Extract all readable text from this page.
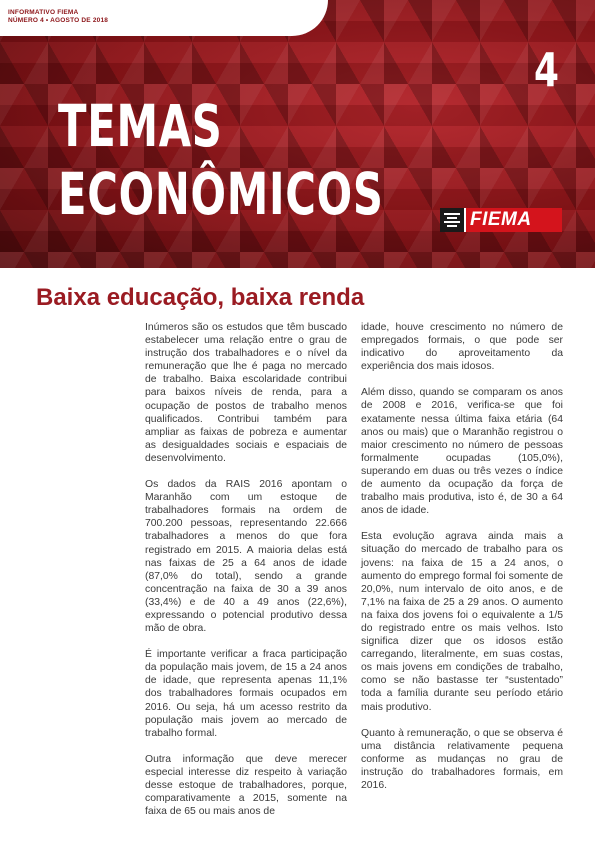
4
TEMAS
ECONÔMICOS	FIEMA
INFORMATIVO FIEMA
NÚMERO 4 • AGOSTO DE 2018
Baixa educação, baixa renda

Inúmeros são os estudos que têm buscado estabelecer uma relação entre o grau de instrução dos trabalhadores e o nível da remuneração que lhe é paga no mercado de trabalho. Baixa escolaridade contribui para baixos níveis de renda, para a ocupação de postos de trabalho menos qualificados. Contribui também para ampliar as faixas de pobreza e aumentar as desigualdades sociais e espaciais de desenvolvimento.

Os dados da RAIS 2016 apontam o Maranhão com um estoque de trabalhadores formais na ordem de 700.200 pessoas, representando 22.666 trabalhadores a menos do que fora registrado em 2015. A maioria delas está nas faixas de 25 a 64 anos de idade (87,0% do total), sendo a grande concentração na faixa de 30 a 39 anos (33,4%) e de 40 a 49 anos (22,6%), expressando o potencial produtivo dessa mão de obra.

É importante verificar a fraca participação da população mais jovem, de 15 a 24 anos de idade, que representa apenas 11,1% dos trabalhadores formais ocupados em 2016. Ou seja, há um acesso restrito da população mais jovem ao mercado de trabalho formal.

Outra informação que deve merecer especial interesse diz respeito à variação desse estoque de trabalhadores, porque, comparativamente a 2015, somente na faixa de 65 ou mais anos de

idade, houve crescimento no número de empregados formais, o que pode ser indicativo do aproveitamento da experiência dos mais idosos.

Além disso, quando se comparam os anos de 2008 e 2016, verifica-se que foi exatamente nessa última faixa etária (64 anos ou mais) que o Maranhão registrou o maior crescimento no número de pessoas formalmente ocupadas (105,0%), superando em duas ou três vezes o índice de aumento da ocupação da força de trabalho mais produtiva, isto é, de 30 a 64 anos de idade.

Esta evolução agrava ainda mais a situação do mercado de trabalho para os jovens: na faixa de 15 a 24 anos, o aumento do emprego formal foi somente de 20,0%, num intervalo de oito anos, e de 7,1% na faixa de 25 a 29 anos. O aumento na faixa dos jovens foi o equivalente a 1/5 do registrado entre os mais velhos. Isto significa dizer que os idosos estão carregando, literalmente, em suas costas, os mais jovens em condições de trabalho, como se não bastasse ter “sustentado” toda a família durante seu período etário mais produtivo.

Quanto à remuneração, o que se observa é uma distância relativamente pequena conforme as mudanças no grau de instrução do trabalhadores formais, em 2016.
